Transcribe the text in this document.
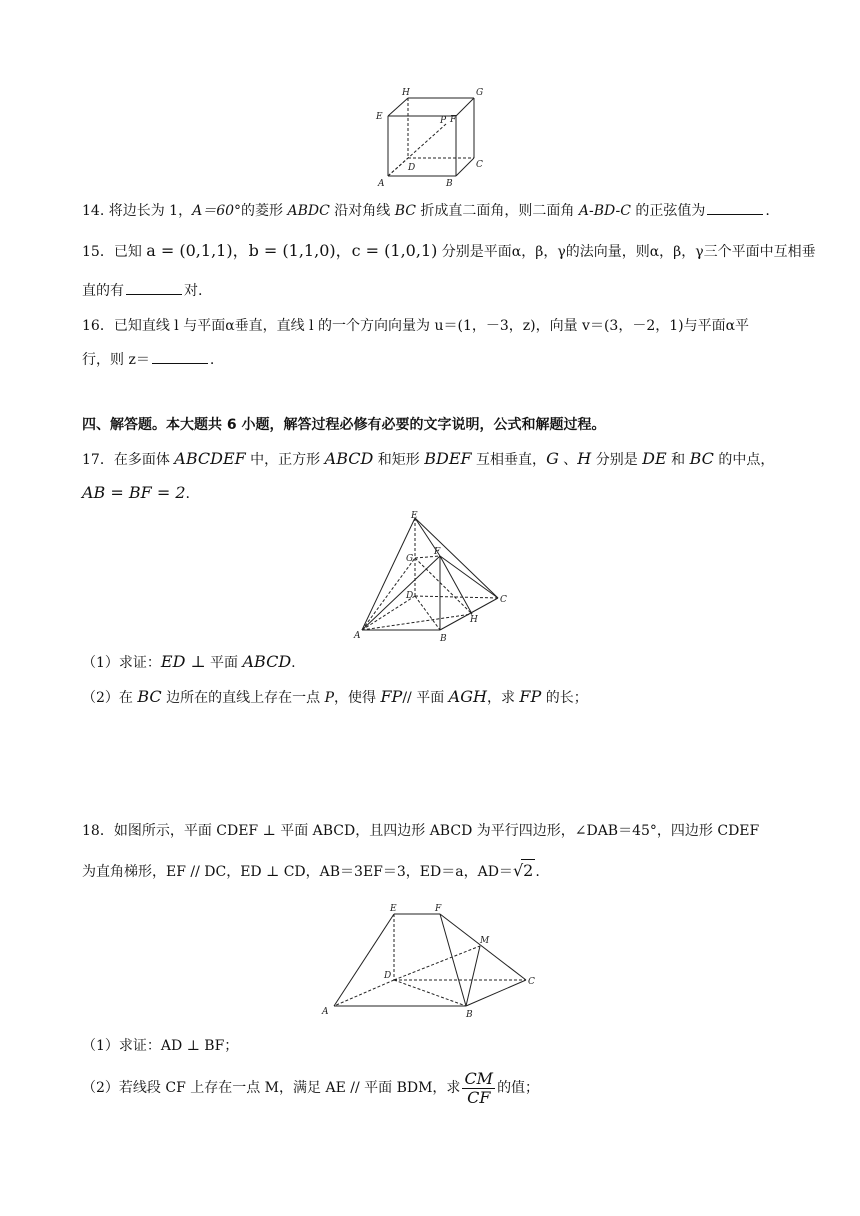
H	G
E	P F
D	C
A	B
14. 将边长为 1，A＝60°的菱形 ABDC 沿对角线 BC 折成直二面角，则二面角 A-BD-C 的正弦值为	.
15．已知 a = (0,1,1)，b = (1,1,0)，c = (1,0,1) 分别是平面α，β，γ的法向量，则α，β，γ三个平面中互相垂
直的有	对.
16．已知直线 l 与平面α垂直，直线 l 的一个方向向量为 u＝(1，－3，z)，向量 v＝(3，－2，1)与平面α平
行，则 z＝	.
四、解答题。本大题共 6 小题，解答过程必修有必要的文字说明，公式和解题过程。
17．在多面体 ABCDEF 中，正方形 ABCD 和矩形 BDEF 互相垂直，G 、H 分别是 DE 和 BC 的中点，
AB = BF = 2.
E
G
F
D	C
H
A	B
（1）求证：ED ⊥ 平面 ABCD.
（2）在 BC 边所在的直线上存在一点 P，使得 FP// 平面 AGH，求 FP 的长；
18．如图所示，平面 CDEF ⊥ 平面 ABCD，且四边形 ABCD 为平行四边形，∠DAB＝45°，四边形 CDEF
为直角梯形，EF // DC，ED ⊥ CD，AB＝3EF＝3，ED＝a，AD＝√2 .
E	F
M
D
C
A	B
（1）求证：AD ⊥ BF；
（2）若线段 CF 上存在一点 M，满足 AE // 平面 BDM，求 $\frac{CM}{CF}$ 的值；
